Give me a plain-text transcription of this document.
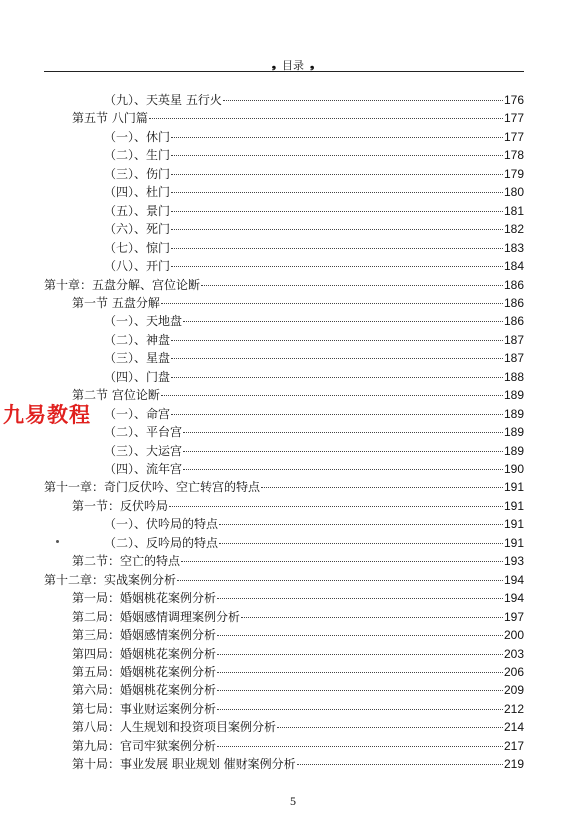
❟ 目录 ❟
（九）、天英星 五行火	176
第五节 八门篇	177
（一）、休门	177
（二）、生门	178
（三）、伤门	179
（四）、杜门	180
（五）、景门	181
（六）、死门	182
（七）、惊门	183
（八）、开门	184
第十章：五盘分解、宫位论断	186
第一节 五盘分解	186
（一）、天地盘	186
（二）、神盘	187
（三）、星盘	187
（四）、门盘	188
第二节 宫位论断	189
（一）、命宫	189
（二）、平台宫	189
（三）、大运宫	189
（四）、流年宫	190
第十一章：奇门反伏吟、空亡转宫的特点	191
第一节：反伏吟局	191
（一）、伏吟局的特点	191
（二）、反吟局的特点	191
第二节：空亡的特点	193
第十二章：实战案例分析	194
第一局：婚姻桃花案例分析	194
第二局：婚姻感情调理案例分析	197
第三局：婚姻感情案例分析	200
第四局：婚姻桃花案例分析	203
第五局：婚姻桃花案例分析	206
第六局：婚姻桃花案例分析	209
第七局：事业财运案例分析	212
第八局：人生规划和投资项目案例分析	214
第九局：官司牢狱案例分析	217
第十局：事业发展 职业规划 催财案例分析	219
九易教程
5
